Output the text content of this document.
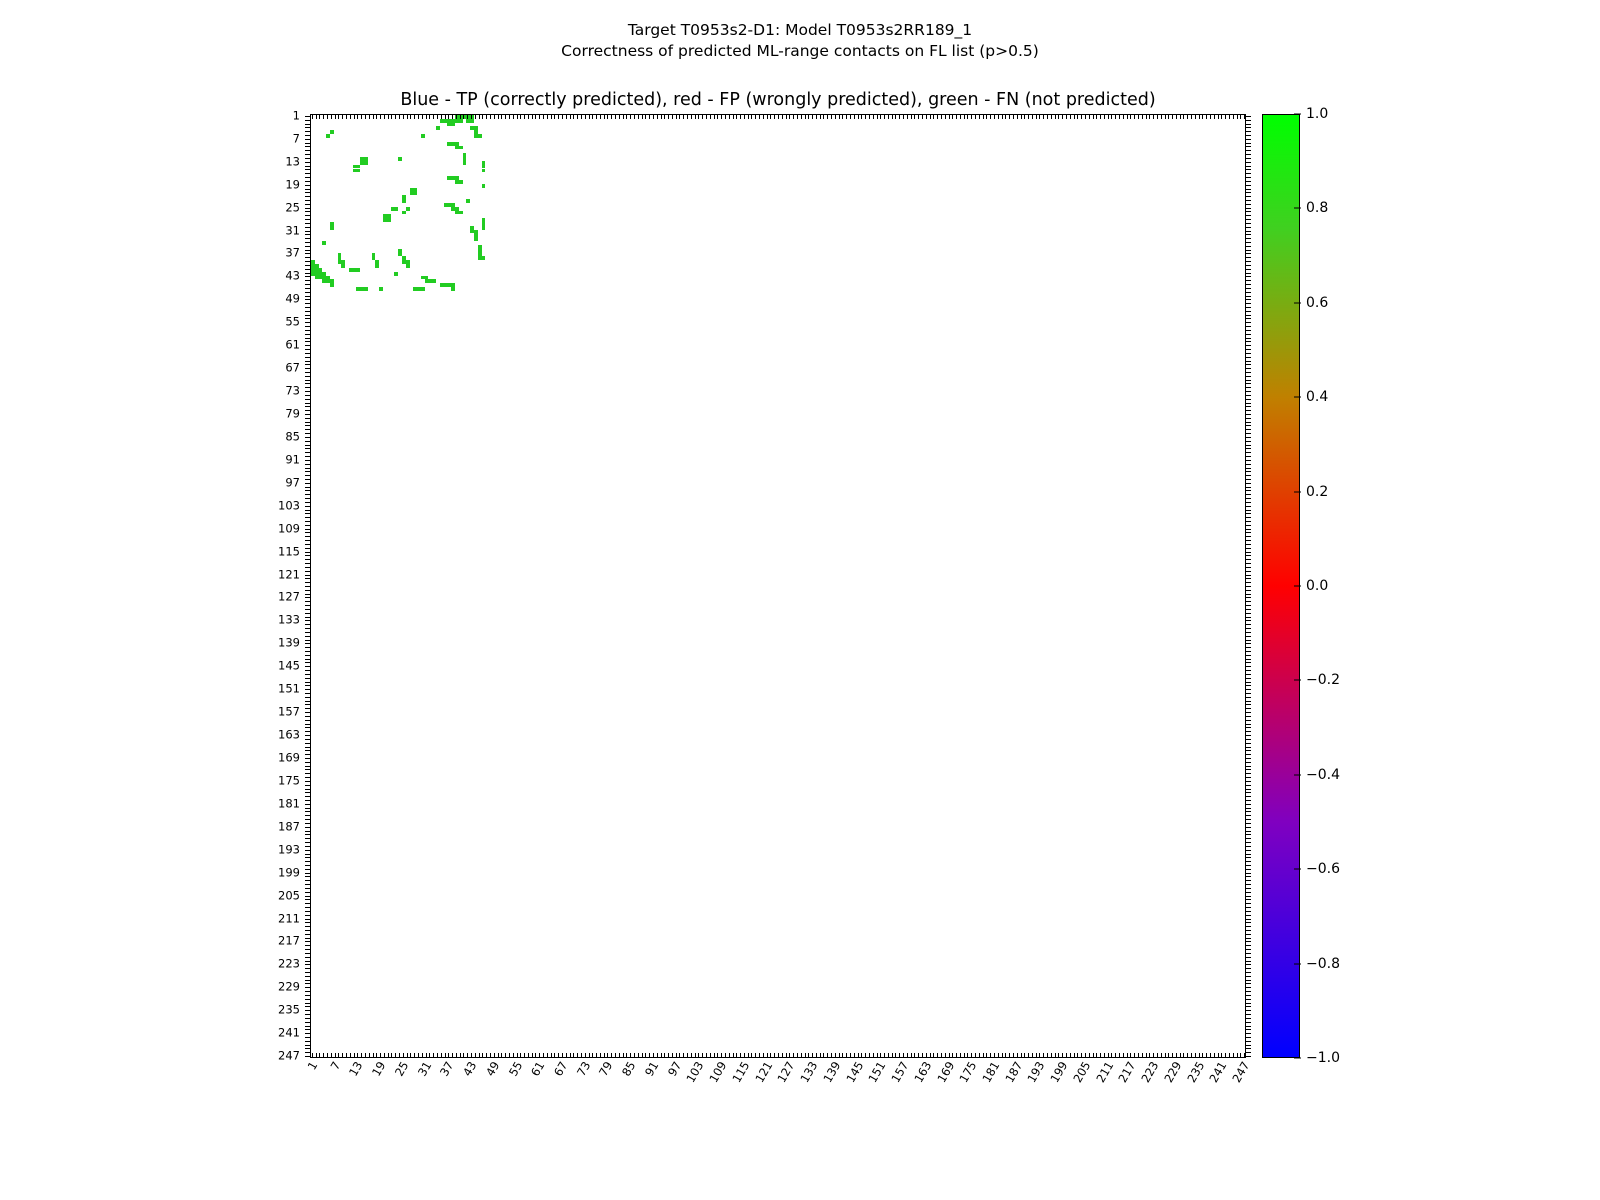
Target T0953s2-D1: Model T0953s2RR189_1
Correctness of predicted ML-range contacts on FL list (p>0.5)
Blue - TP (correctly predicted), red - FP (wrongly predicted), green - FN (not predicted)
1
7
13
19
25
31
37
43
49
55
61
67
73
79
85
91
97
103
109
115
121
127
133
139
145
151
157
163
169
175
181
187
193
199
205
211
217
223
229
235
241
247
1 7 13 19 25 31 37 43 49 55 61 67 73 79 85 91 97 103 109 115 121 127 133 139 145 151 157 163 169 175 181 187 193 199 205 211 217 223 229 235 241 247
1.0
0.8
0.6
0.4
0.2
0.0
−0.2
−0.4
−0.6
−0.8
−1.0
